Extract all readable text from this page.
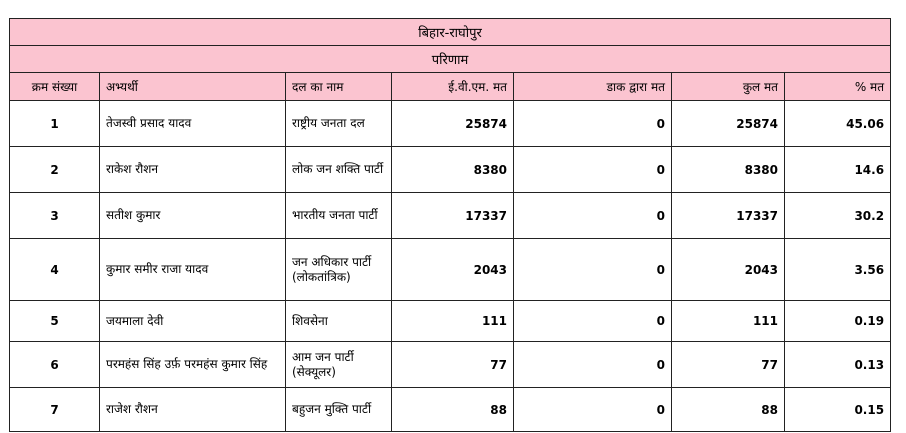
बिहार-राघोपुर						
परिणाम						
क्रम संख्या	अभ्यर्थी	दल का नाम	ई.वी.एम. मत	डाक द्वारा मत	कुल मत	% मत
1	तेजस्वी प्रसाद यादव	राष्ट्रीय जनता दल	25874	0	25874	45.06
2	राकेश रौशन	लोक जन शक्ति पार्टी	8380	0	8380	14.6
3	सतीश कुमार	भारतीय जनता पार्टी	17337	0	17337	30.2
4	कुमार समीर राजा यादव	जन अधिकार पार्टी (लोकतांत्रिक)	2043	0	2043	3.56
5	जयमाला देवी	शिवसेना	111	0	111	0.19
6	परमहंस सिंह उर्फ़ परमहंस कुमार सिंह	आम जन पार्टी (सेक्यूलर)	77	0	77	0.13
7	राजेश रौशन	बहुजन मुक्ति पार्टी	88	0	88	0.15
